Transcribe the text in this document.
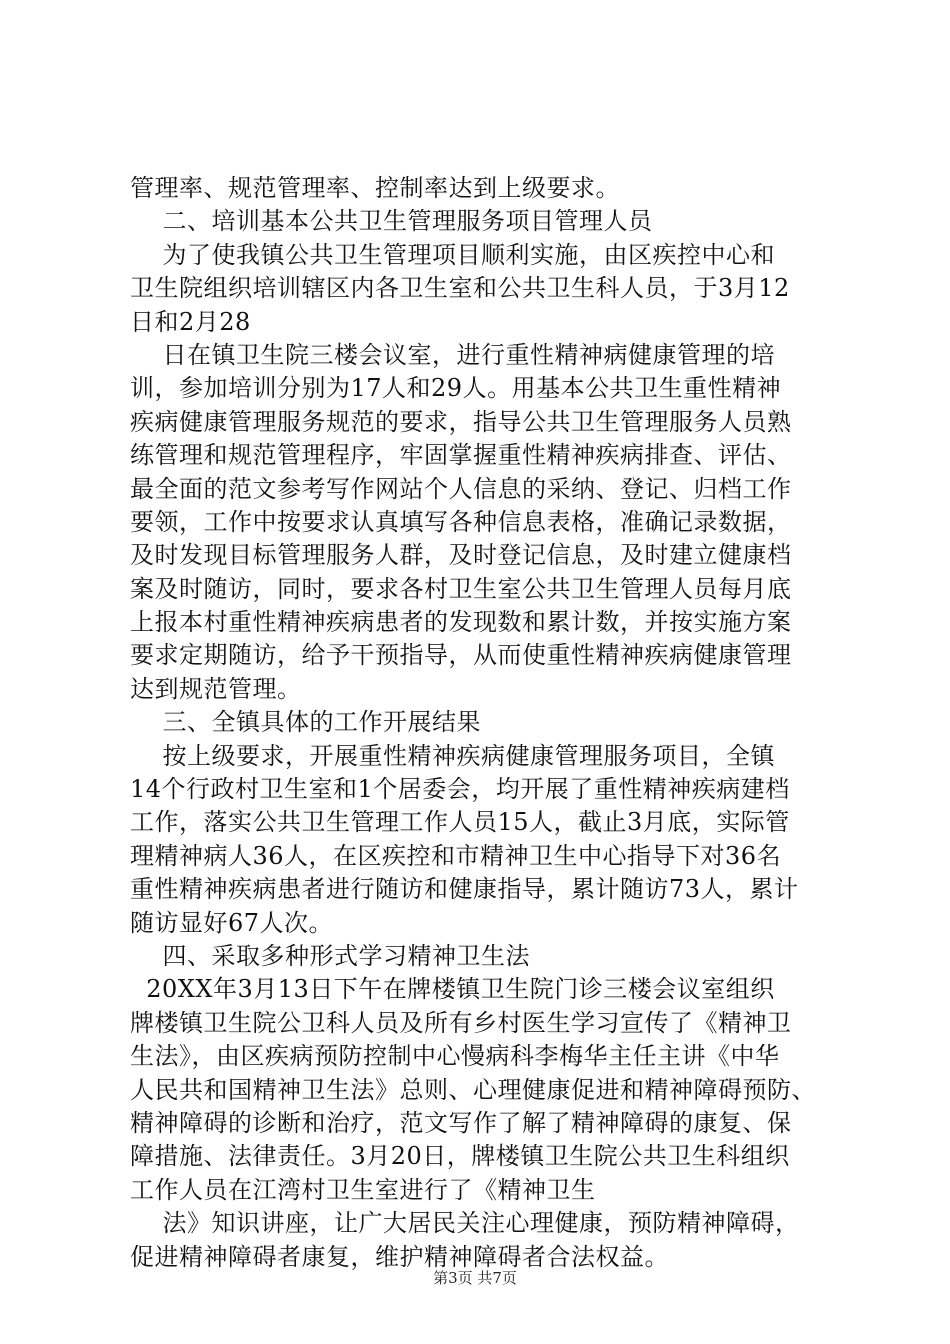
管理率、规范管理率、控制率达到上级要求。
二、培训基本公共卫生管理服务项目管理人员
为了使我镇公共卫生管理项目顺利实施，由区疾控中心和
卫生院组织培训辖区内各卫生室和公共卫生科人员，于3月12
日和2月28
日在镇卫生院三楼会议室，进行重性精神病健康管理的培
训，参加培训分别为17人和29人。用基本公共卫生重性精神
疾病健康管理服务规范的要求，指导公共卫生管理服务人员熟
练管理和规范管理程序，牢固掌握重性精神疾病排查、评估、
最全面的范文参考写作网站个人信息的采纳、登记、归档工作
要领，工作中按要求认真填写各种信息表格，准确记录数据，
及时发现目标管理服务人群，及时登记信息，及时建立健康档
案及时随访，同时，要求各村卫生室公共卫生管理人员每月底
上报本村重性精神疾病患者的发现数和累计数，并按实施方案
要求定期随访，给予干预指导，从而使重性精神疾病健康管理
达到规范管理。
三、全镇具体的工作开展结果
按上级要求，开展重性精神疾病健康管理服务项目，全镇
14个行政村卫生室和1个居委会，均开展了重性精神疾病建档
工作，落实公共卫生管理工作人员15人，截止3月底，实际管
理精神病人36人，在区疾控和市精神卫生中心指导下对36名
重性精神疾病患者进行随访和健康指导，累计随访73人，累计
随访显好67人次。
四、采取多种形式学习精神卫生法
20XX年3月13日下午在牌楼镇卫生院门诊三楼会议室组织
牌楼镇卫生院公卫科人员及所有乡村医生学习宣传了《精神卫
生法》，由区疾病预防控制中心慢病科李梅华主任主讲《中华
人民共和国精神卫生法》总则、心理健康促进和精神障碍预防、
精神障碍的诊断和治疗，范文写作了解了精神障碍的康复、保
障措施、法律责任。3月20日，牌楼镇卫生院公共卫生科组织
工作人员在江湾村卫生室进行了《精神卫生
法》知识讲座，让广大居民关注心理健康，预防精神障碍，
促进精神障碍者康复，维护精神障碍者合法权益。
第3页 共7页
